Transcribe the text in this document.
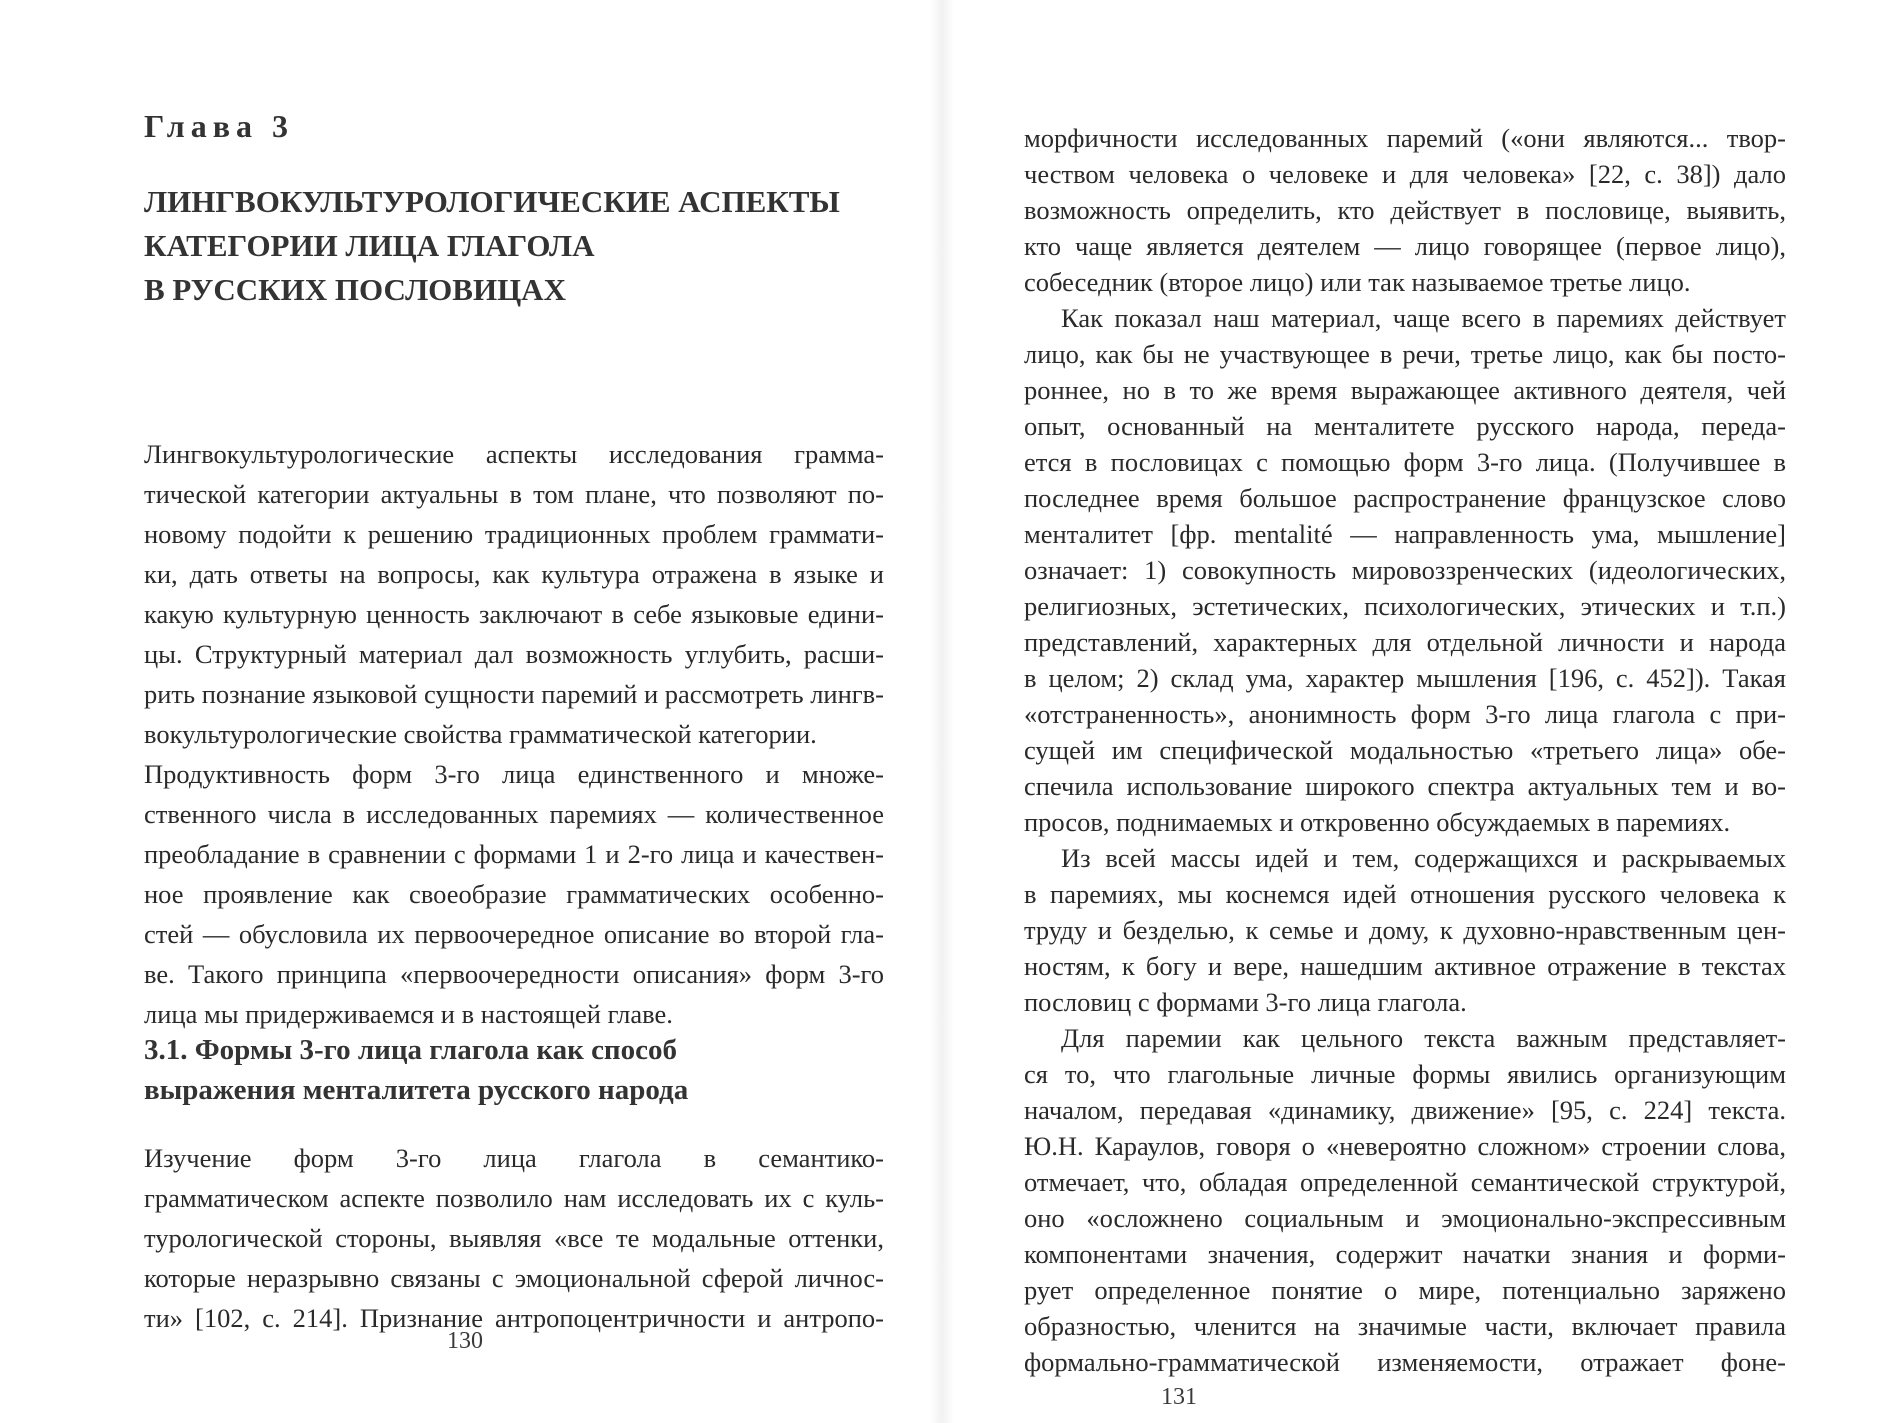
Глава 3
ЛИНГВОКУЛЬТУРОЛОГИЧЕСКИЕ АСПЕКТЫ
КАТЕГОРИИ ЛИЦА ГЛАГОЛА
В РУССКИХ ПОСЛОВИЦАХ
Лингвокультурологические аспекты исследования грамма-
тической категории актуальны в том плане, что позволяют по-
новому подойти к решению традиционных проблем граммати-
ки, дать ответы на вопросы, как культура отражена в языке и
какую культурную ценность заключают в себе языковые едини-
цы. Структурный материал дал возможность углубить, расши-
рить познание языковой сущности паремий и рассмотреть лингв-
вокультурологические свойства грамматической категории.
Продуктивность форм 3-го лица единственного и множе-
ственного числа в исследованных паремиях — количественное
преобладание в сравнении с формами 1 и 2-го лица и качествен-
ное проявление как своеобразие грамматических особенно-
стей — обусловила их первоочередное описание во второй гла-
ве. Такого принципа «первоочередности описания» форм 3-го
лица мы придерживаемся и в настоящей главе.
3.1. Формы 3-го лица глагола как способ
выражения менталитета русского народа
Изучение форм 3-го лица глагола в семантико-
грамматическом аспекте позволило нам исследовать их с куль-
турологической стороны, выявляя «все те модальные оттенки,
которые неразрывно связаны с эмоциональной сферой личнос-
ти» [102, с. 214]. Признание антропоцентричности и антропо-
130
морфичности исследованных паремий («они являются... твор-
чеством человека о человеке и для человека» [22, с. 38]) дало
возможность определить, кто действует в пословице, выявить,
кто чаще является деятелем — лицо говорящее (первое лицо),
собеседник (второе лицо) или так называемое третье лицо.
Как показал наш материал, чаще всего в паремиях действует
лицо, как бы не участвующее в речи, третье лицо, как бы посто-
роннее, но в то же время выражающее активного деятеля, чей
опыт, основанный на менталитете русского народа, переда-
ется в пословицах с помощью форм 3-го лица. (Получившее в
последнее время большое распространение французское слово
менталитет [фр. mentalité — направленность ума, мышление]
означает: 1) совокупность мировоззренческих (идеологических,
религиозных, эстетических, психологических, этических и т.п.)
представлений, характерных для отдельной личности и народа
в целом; 2) склад ума, характер мышления [196, с. 452]). Такая
«отстраненность», анонимность форм 3-го лица глагола с при-
сущей им специфической модальностью «третьего лица» обе-
спечила использование широкого спектра актуальных тем и во-
просов, поднимаемых и откровенно обсуждаемых в паремиях.
Из всей массы идей и тем, содержащихся и раскрываемых
в паремиях, мы коснемся идей отношения русского человека к
труду и безделью, к семье и дому, к духовно-нравственным цен-
ностям, к богу и вере, нашедшим активное отражение в текстах
пословиц с формами 3-го лица глагола.
Для паремии как цельного текста важным представляет-
ся то, что глагольные личные формы явились организующим
началом, передавая «динамику, движение» [95, с. 224] текста.
Ю.Н. Караулов, говоря о «невероятно сложном» строении слова,
отмечает, что, обладая определенной семантической структурой,
оно «осложнено социальным и эмоционально-экспрессивным
компонентами значения, содержит начатки знания и форми-
рует определенное понятие о мире, потенциально заряжено
образностью, членится на значимые части, включает правила
формально-грамматической изменяемости, отражает фоне-
131
